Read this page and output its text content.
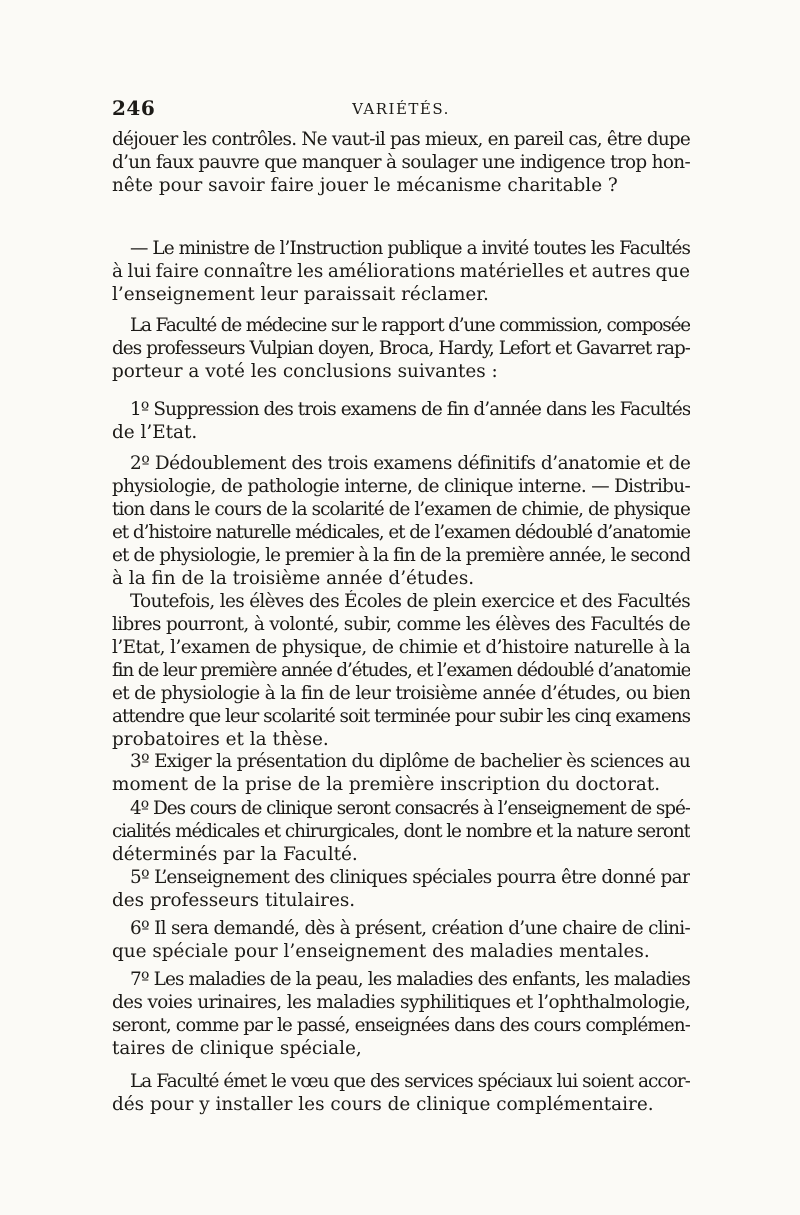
246	VARIÉTÉS.
déjouer les contrôles. Ne vaut-il pas mieux, en pareil cas, être dupe
d’un faux pauvre que manquer à soulager une indigence trop hon-
nête pour savoir faire jouer le mécanisme charitable ?
— Le ministre de l’Instruction publique a invité toutes les Facultés
à lui faire connaître les améliorations matérielles et autres que
l’enseignement leur paraissait réclamer.
La Faculté de médecine sur le rapport d’une commission, composée
des professeurs Vulpian doyen, Broca, Hardy, Lefort et Gavarret rap-
porteur a voté les conclusions suivantes :
1º Suppression des trois examens de fin d’année dans les Facultés
de l’Etat.
2º Dédoublement des trois examens définitifs d’anatomie et de
physiologie, de pathologie interne, de clinique interne. — Distribu-
tion dans le cours de la scolarité de l’examen de chimie, de physique
et d’histoire naturelle médicales, et de l’examen dédoublé d’anatomie
et de physiologie, le premier à la fin de la première année, le second
à la fin de la troisième année d’études.
Toutefois, les élèves des Écoles de plein exercice et des Facultés
libres pourront, à volonté, subir, comme les élèves des Facultés de
l’Etat, l’examen de physique, de chimie et d’histoire naturelle à la
fin de leur première année d’études, et l’examen dédoublé d’anatomie
et de physiologie à la fin de leur troisième année d’études, ou bien
attendre que leur scolarité soit terminée pour subir les cinq examens
probatoires et la thèse.
3º Exiger la présentation du diplôme de bachelier ès sciences au
moment de la prise de la première inscription du doctorat.
4º Des cours de clinique seront consacrés à l’enseignement de spé-
cialités médicales et chirurgicales, dont le nombre et la nature seront
déterminés par la Faculté.
5º L’enseignement des cliniques spéciales pourra être donné par
des professeurs titulaires.
6º Il sera demandé, dès à présent, création d’une chaire de clini-
que spéciale pour l’enseignement des maladies mentales.
7º Les maladies de la peau, les maladies des enfants, les maladies
des voies urinaires, les maladies syphilitiques et l’ophthalmologie,
seront, comme par le passé, enseignées dans des cours complémen-
taires de clinique spéciale,
La Faculté émet le vœu que des services spéciaux lui soient accor-
dés pour y installer les cours de clinique complémentaire.
